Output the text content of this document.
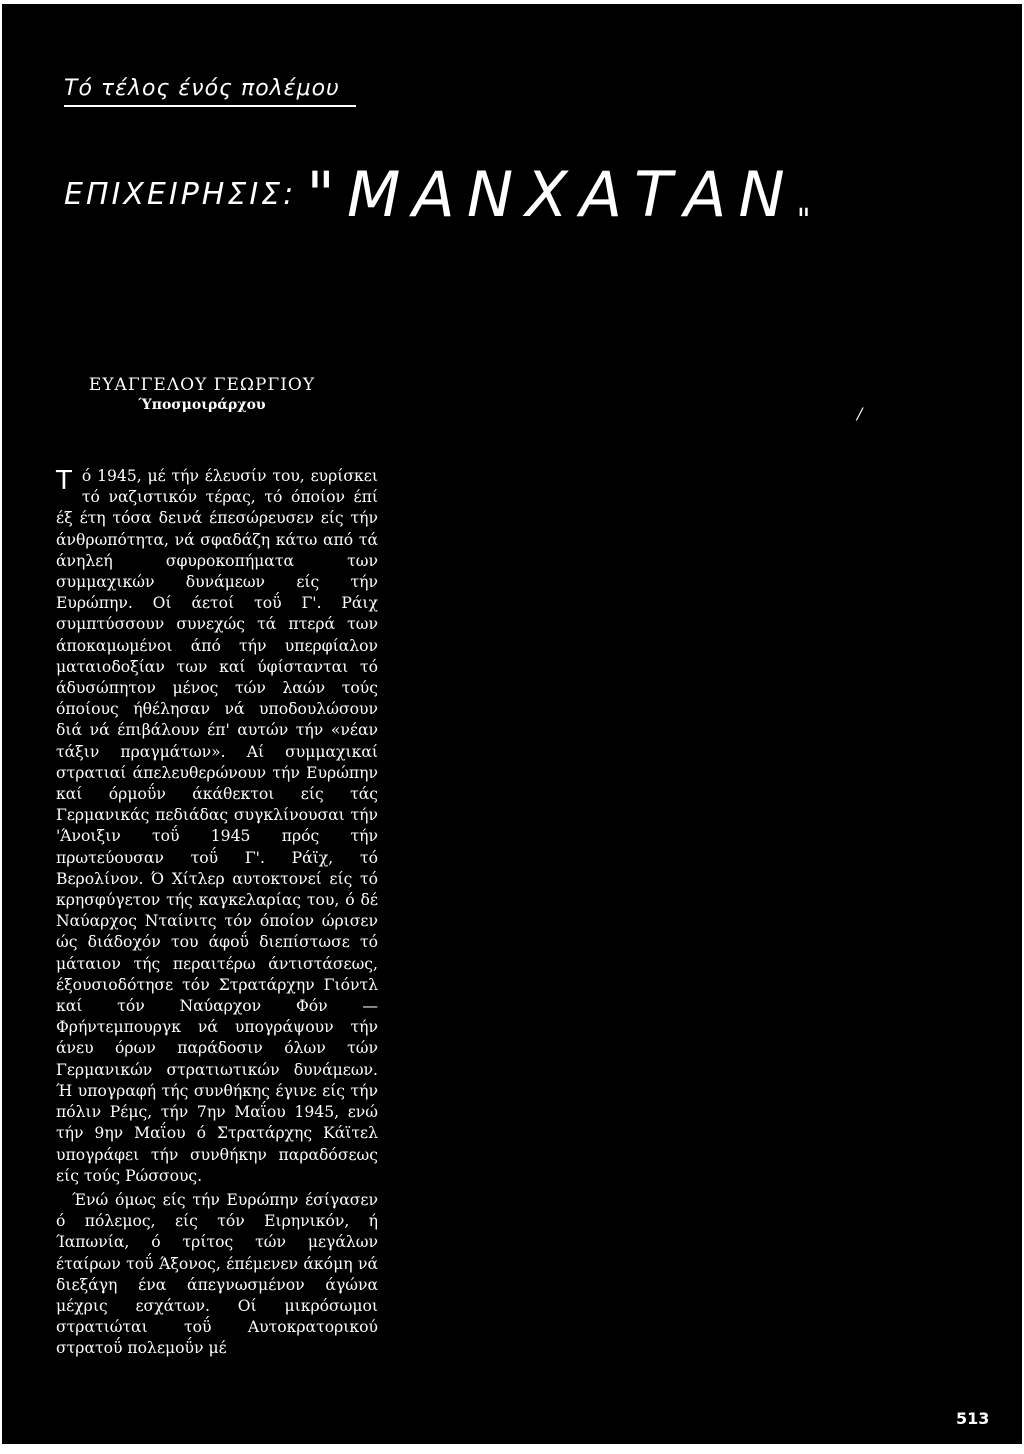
Τό τέλος ένός πολέμου
ΕΠΙΧΕΙΡΗΣΙΣ: "ΜΑΝΧΑΤΑΝ"
ΕΥΑΓΓΕΛΟΥ ΓΕΩΡΓΙΟΥ
Ύποσμοιράρχου	/

Τό 1945, μέ τήν έλευσίν του, ευρίσκει τό ναζιστικόν τέρας, τό όποίον έπί έξ έτη τόσα δεινά έπεσώρευσεν είς τήν άνθρωπότητα, νά σφαδάζη κάτω από τά άνηλεή σφυροκοπήματα των συμμαχικών δυνάμεων είς τήν Ευρώπην. Οί άετοί τοΰ Γ'. Ράιχ συμπτύσσουν συνεχώς τά πτερά των άποκαμωμένοι άπό τήν υπερφίαλον ματαιοδοξίαν των καί ύφίστανται τό άδυσώπητον μένος τών λαών τούς όποίους ήθέλησαν νά υποδουλώσουν διά νά έπιβάλουν έπ' αυτών τήν «νέαν τάξιν πραγμάτων». Αί συμμαχικαί στρατιαί άπελευθερώνουν τήν Ευρώπην καί όρμοΰν άκάθεκτοι είς τάς Γερμανικάς πεδιάδας συγκλίνουσαι τήν 'Άνοιξιν τοΰ 1945 πρός τήν πρωτεύουσαν τοΰ Γ'. Ράϊχ, τό Βερολίνον. Ό Χίτλερ αυτοκτονεί είς τό κρησφύγετον τής καγκελαρίας του, ό δέ Ναύαρχος Νταίνιτς τόν όποίον ώρισεν ώς διάδοχόν του άφοΰ διεπίστωσε τό μάταιον τής περαιτέρω άντιστάσεως, έξουσιοδότησε τόν Στρατάρχην Γιόντλ καί τόν Ναύαρχον Φόν — Φρήντεμπουργκ νά υπογράψουν τήν άνευ όρων παράδοσιν όλων τών Γερμανικών στρατιωτικών δυνάμεων. Ή υπογραφή τής συνθήκης έγινε είς τήν πόλιν Ρέμς, τήν 7ην Μαΐου 1945, ενώ τήν 9ην Μαΐου ό Στρατάρχης Κάϊτελ υπογράφει τήν συνθήκην παραδόσεως είς τούς Ρώσσους.

Ένώ όμως είς τήν Ευρώπην έσίγασεν ό πόλεμος, είς τόν Ειρηνικόν, ή Ίαπωνία, ό τρίτος τών μεγάλων έταίρων τοΰ Άξονος, έπέμενεν άκόμη νά διεξάγη ένα άπεγνωσμένον άγώνα μέχρις εσχάτων. Οί μικρόσωμοι στρατιώται τοΰ Αυτοκρατορικού στρατοΰ πολεμοΰν μέ

513
